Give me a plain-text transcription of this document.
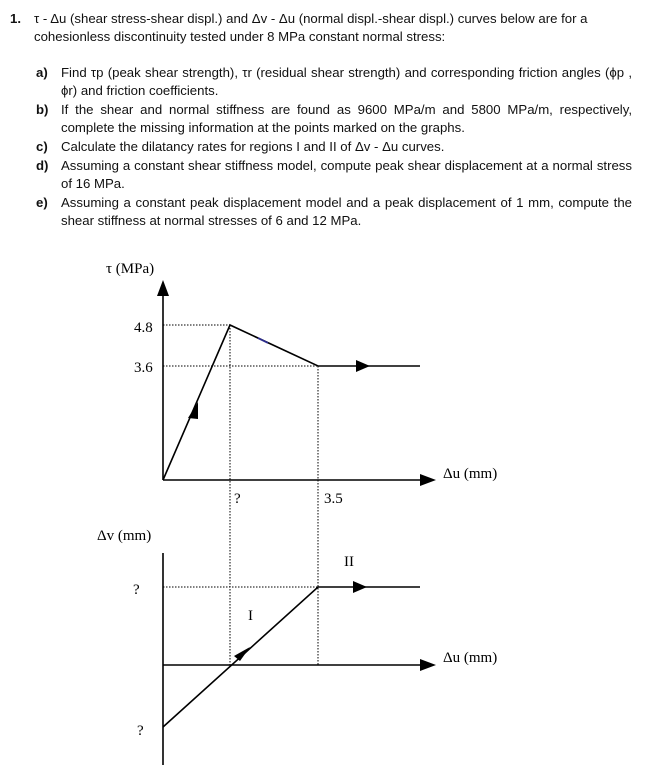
1. τ - Δu (shear stress-shear displ.) and Δv - Δu (normal displ.-shear displ.) curves below are for a cohesionless discontinuity tested under 8 MPa constant normal stress:
a)	Find τp (peak shear strength), τr (residual shear strength) and corresponding friction angles (ϕp , ϕr) and friction coefficients.
b) If the shear and normal stiffness are found as 9600 MPa/m and 5800 MPa/m, respectively, complete the missing information at the points marked on the graphs.
c)	Calculate the dilatancy rates for regions I and II of Δv - Δu curves.
d) Assuming a constant shear stiffness model, compute peak shear displacement at a normal stress of 16 MPa.
e)	Assuming a constant peak displacement model and a peak displacement of 1 mm, compute the shear stiffness at normal stresses of 6 and 12 MPa.
τ (MPa)
Δu (mm)
4.8
3.6
?	3.5
Δv (mm)
Δu (mm)
?
?
I
II
